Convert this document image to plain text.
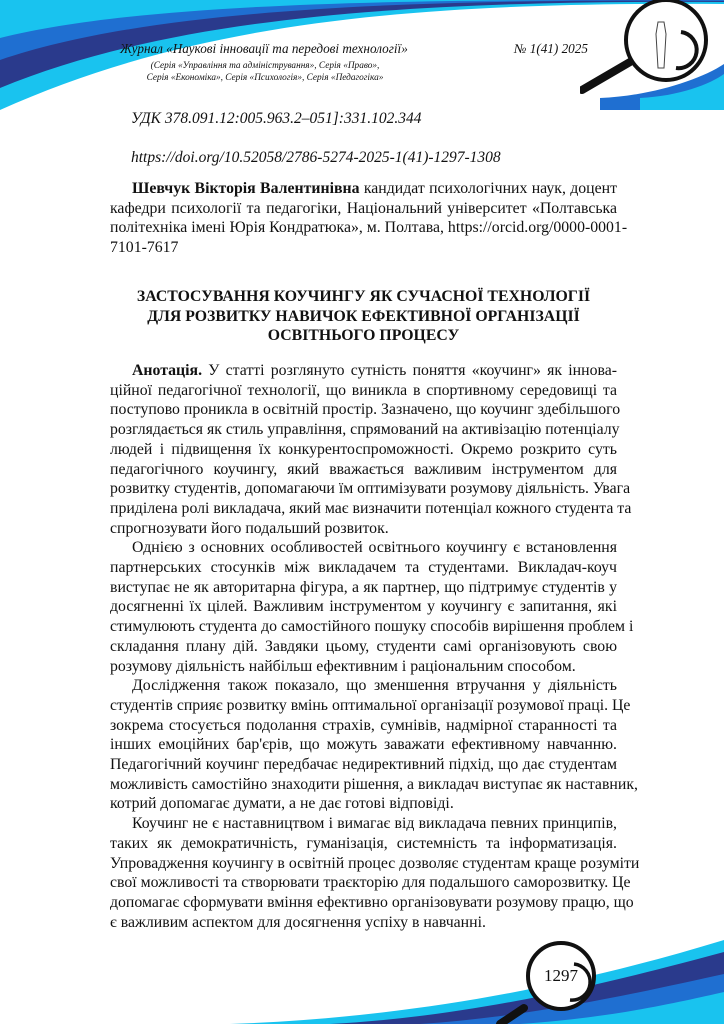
Журнал «Наукові інновації та передові технології»	№ 1(41) 2025
(Серія «Управління та адміністрування», Серія «Право»,
Серія «Економіка», Серія «Психологія», Серія «Педагогіка»
УДК 378.091.12:005.963.2–051]:331.102.344
https://doi.org/10.52058/2786-5274-2025-1(41)-1297-1308
Шевчук Вікторія Валентинівна кандидат психологічних наук, доцент
кафедри психології та педагогіки, Національний університет «Полтавська
політехніка імені Юрія Кондратюка», м. Полтава, https://orcid.org/0000-0001-
7101-7617
ЗАСТОСУВАННЯ КОУЧИНГУ ЯК СУЧАСНОЇ ТЕХНОЛОГІЇ
ДЛЯ РОЗВИТКУ НАВИЧОК ЕФЕКТИВНОЇ ОРГАНІЗАЦІЇ
ОСВІТНЬОГО ПРОЦЕСУ
Анотація. У статті розглянуто сутність поняття «коучинг» як іннова-
ційної педагогічної технології, що виникла в спортивному середовищі та
поступово проникла в освітній простір. Зазначено, що коучинг здебільшого
розглядається як стиль управління, спрямований на активізацію потенціалу
людей і підвищення їх конкурентоспроможності. Окремо розкрито суть
педагогічного коучингу, який вважається важливим інструментом для
розвитку студентів, допомагаючи їм оптимізувати розумову діяльність. Увага
приділена ролі викладача, який має визначити потенціал кожного студента та
спрогнозувати його подальший розвиток.
Однією з основних особливостей освітнього коучингу є встановлення
партнерських стосунків між викладачем та студентами. Викладач-коуч
виступає не як авторитарна фігура, а як партнер, що підтримує студентів у
досягненні їх цілей. Важливим інструментом у коучингу є запитання, які
стимулюють студента до самостійного пошуку способів вирішення проблем і
складання плану дій. Завдяки цьому, студенти самі організовують свою
розумову діяльність найбільш ефективним і раціональним способом.
Дослідження також показало, що зменшення втручання у діяльність
студентів сприяє розвитку вмінь оптимальної організації розумової праці. Це
зокрема стосується подолання страхів, сумнівів, надмірної старанності та
інших емоційних бар'єрів, що можуть заважати ефективному навчанню.
Педагогічний коучинг передбачає недирективний підхід, що дає студентам
можливість самостійно знаходити рішення, а викладач виступає як наставник,
котрий допомагає думати, а не дає готові відповіді.
Коучинг не є наставництвом і вимагає від викладача певних принципів,
таких як демократичність, гуманізація, системність та інформатизація.
Упровадження коучингу в освітній процес дозволяє студентам краще розуміти
свої можливості та створювати траєкторію для подальшого саморозвитку. Це
допомагає сформувати вміння ефективно організовувати розумову працю, що
є важливим аспектом для досягнення успіху в навчанні.
1297
